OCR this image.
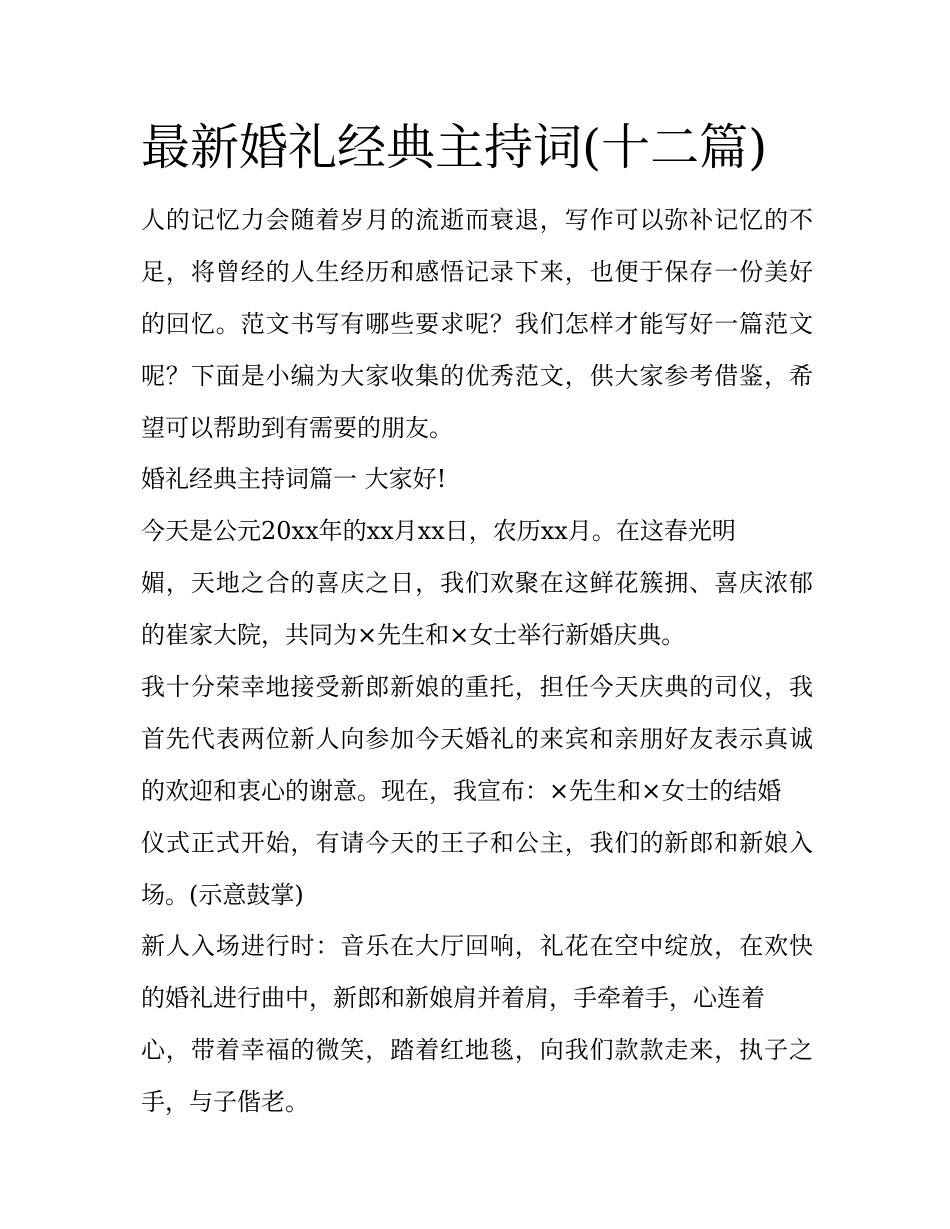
最新婚礼经典主持词(十二篇)

人的记忆力会随着岁月的流逝而衰退，写作可以弥补记忆的不

足，将曾经的人生经历和感悟记录下来，也便于保存一份美好

的回忆。范文书写有哪些要求呢？我们怎样才能写好一篇范文

呢？下面是小编为大家收集的优秀范文，供大家参考借鉴，希

望可以帮助到有需要的朋友。

婚礼经典主持词篇一 大家好!

今天是公元20xx年的xx月xx日，农历xx月。在这春光明

媚，天地之合的喜庆之日，我们欢聚在这鲜花簇拥、喜庆浓郁

的崔家大院，共同为×先生和×女士举行新婚庆典。

我十分荣幸地接受新郎新娘的重托，担任今天庆典的司仪，我

首先代表两位新人向参加今天婚礼的来宾和亲朋好友表示真诚

的欢迎和衷心的谢意。现在，我宣布：×先生和×女士的结婚

仪式正式开始，有请今天的王子和公主，我们的新郎和新娘入

场。(示意鼓掌)

新人入场进行时：音乐在大厅回响，礼花在空中绽放，在欢快

的婚礼进行曲中，新郎和新娘肩并着肩，手牵着手，心连着

心，带着幸福的微笑，踏着红地毯，向我们款款走来，执子之

手，与子偕老。
